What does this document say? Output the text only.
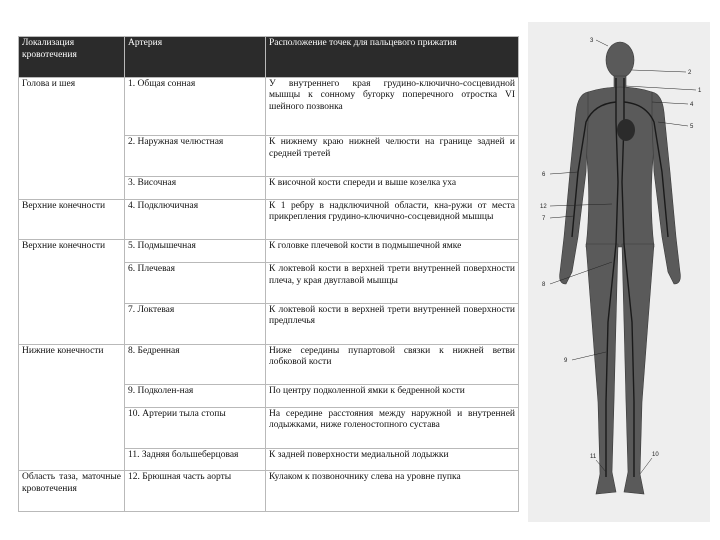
Локализация кровотечения	Артерия	Расположение точек для пальцевого прижатия
Голова и шея	1. Общая сонная	У внутреннего края грудино-ключично-сосцевидной мышцы к сонному бугорку поперечного отростка VI шейного позвонка
	2. Наружная челюстная	К нижнему краю нижней челюсти на границе задней и средней третей
	3. Височная	К височной кости спереди и выше козелка уха
Верхние конечности	4. Подключичная	К 1 ребру в надключичной области, кна-ружи от места прикрепления грудино-ключично-сосцевидной мышцы
Верхние конечности	5. Подмышечная	К головке плечевой кости в подмышечной ямке
	6. Плечевая	К локтевой кости в верхней трети внутренней поверхности плеча, у края двуглавой мышцы
	7. Локтевая	К локтевой кости в верхней трети внутренней поверхности предплечья
Нижние конечности	8. Бедренная	Ниже середины пупартовой связки к нижней ветви лобковой кости
	9. Подколен-ная	По центру подколенной ямки к бедренной кости
	10. Артерии тыла стопы	На середине расстояния между наружной и внутренней лодыжками, ниже голеностопного сустава
	11. Задняя большеберцовая	К задней поверхности медиальной лодыжки
Область таза, маточные кровотечения	12. Брюшная часть аорты	Кулаком к позвоночнику слева на уровне пупка
3
2
1
4
5
6
12
7
8
9
11	10
